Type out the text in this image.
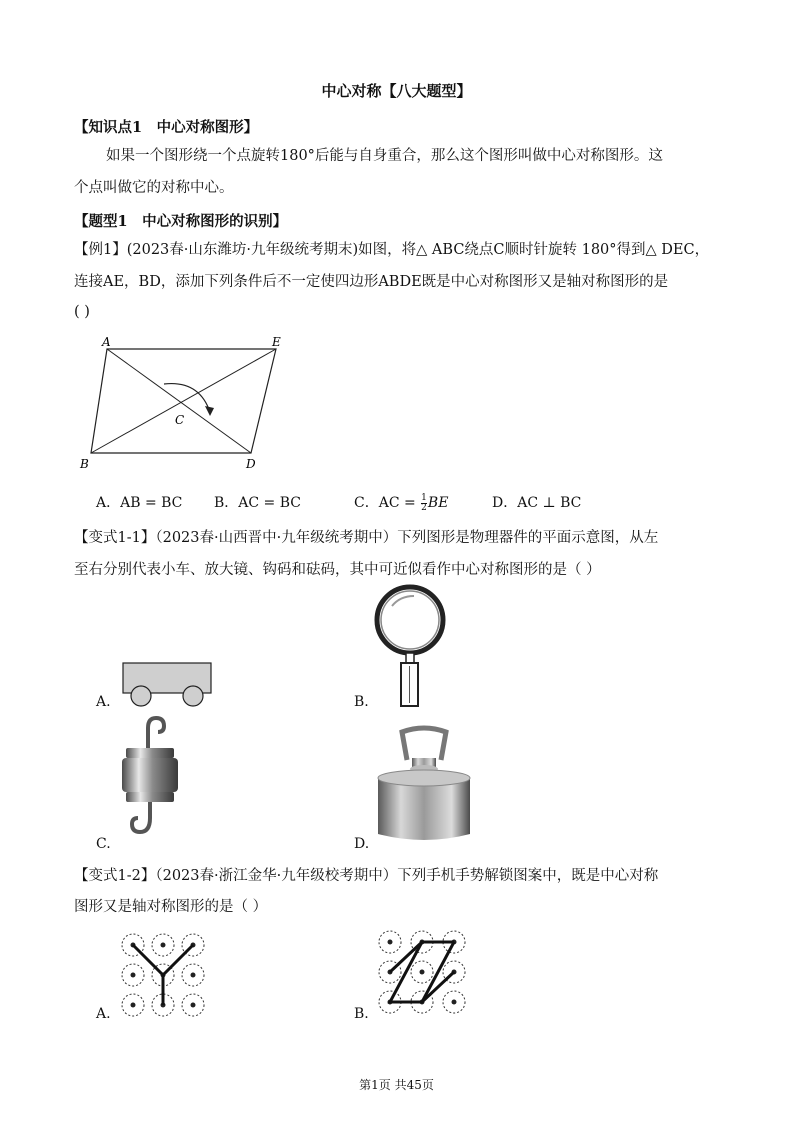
中心对称【八大题型】
【知识点1　中心对称图形】
如果一个图形绕一个点旋转180°后能与自身重合，那么这个图形叫做中心对称图形。这
个点叫做它的对称中心。
【题型1　中心对称图形的识别】
【例1】(2023春·山东潍坊·九年级统考期末)如图，将△ ABC绕点C顺时针旋转 180°得到△ DEC，
连接AE，BD，添加下列条件后不一定使四边形ABDE既是中心对称图形又是轴对称图形的是
( )
A	E
B	D
C
A．AB = BC B．AC = BC	C．AC = $\frac{1}{2}$ BE	D．AC ⊥ BC
【变式1-1】（2023春·山西晋中·九年级统考期中）下列图形是物理器件的平面示意图，从左
至右分别代表小车、放大镜、钩码和砝码，其中可近似看作中心对称图形的是（ ）
A.	B.
C.	D.
【变式1-2】（2023春·浙江金华·九年级校考期中）下列手机手势解锁图案中，既是中心对称
图形又是轴对称图形的是（ ）
A.	B.
第1页 共45页
